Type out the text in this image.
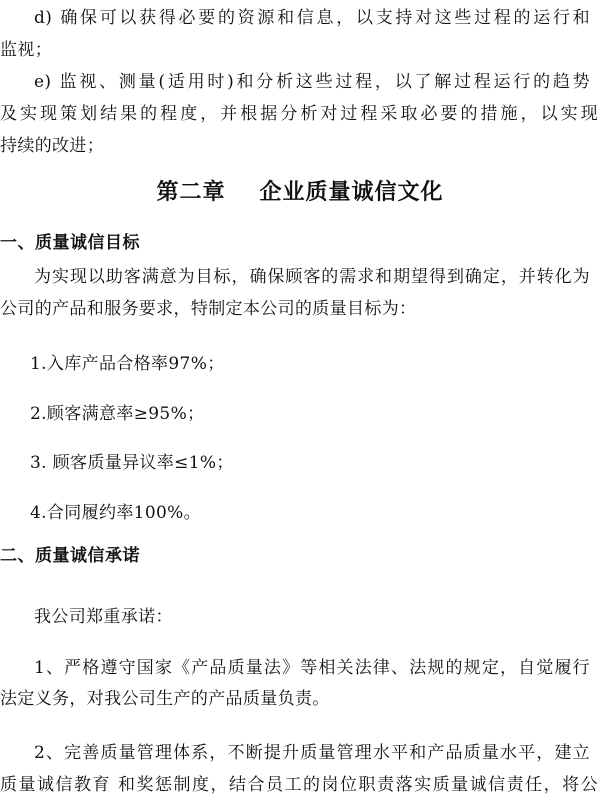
d) 确保可以获得必要的资源和信息，以支持对这些过程的运行和
监视；
e) 监视、测量(适用时)和分析这些过程，以了解过程运行的趋势
及实现策划结果的程度，并根据分析对过程采取必要的措施，以实现
持续的改进；
第二章 企业质量诚信文化
一、质量诚信目标
为实现以助客满意为目标，确保顾客的需求和期望得到确定，并转化为
公司的产品和服务要求，特制定本公司的质量目标为：
1.入库产品合格率97%；
2.顾客满意率≥95%；
3. 顾客质量异议率≤1%；
4.合同履约率100%。
二、质量诚信承诺
我公司郑重承诺：
1、严格遵守国家《产品质量法》等相关法律、法规的规定，自觉履行
法定义务，对我公司生产的产品质量负责。
2、完善质量管理体系，不断提升质量管理水平和产品质量水平，建立
质量诚信教育 和奖惩制度，结合员工的岗位职责落实质量诚信责任，将公
